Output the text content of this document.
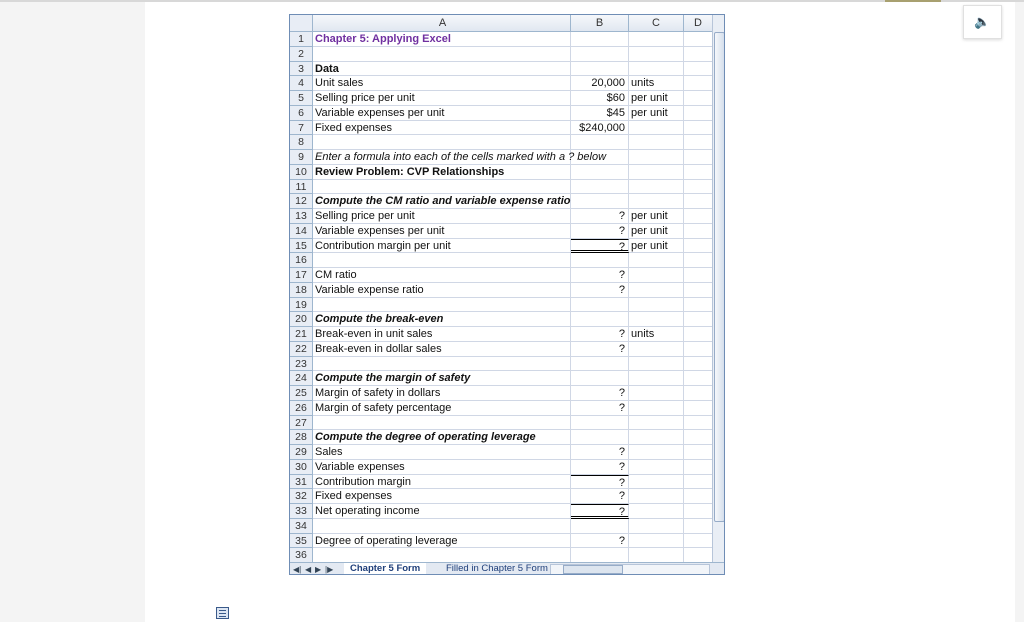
🔈
A	B	C	D
1	Chapter 5: Applying Excel
2
3	Data
4	Unit sales	20,000 units
5	Selling price per unit	$60 per unit
6	Variable expenses per unit	$45 per unit
7	Fixed expenses	$240,000
8
9	Enter a formula into each of the cells marked with a ? below
10 Review Problem: CVP Relationships
11
12 Compute the CM ratio and variable expense ratio
13 Selling price per unit	? per unit
14 Variable expenses per unit	? per unit
15 Contribution margin per unit	? per unit
16
17 CM ratio	?
18 Variable expense ratio	?
19
20 Compute the break-even
21 Break-even in unit sales	? units
22 Break-even in dollar sales	?
23
24 Compute the margin of safety
25 Margin of safety in dollars	?
26 Margin of safety percentage	?
27
28 Compute the degree of operating leverage
29 Sales	?
30 Variable expenses	?
31 Contribution margin	?
32 Fixed expenses	?
33 Net operating income	?
34
35 Degree of operating leverage	?
36
◀| ◀ ▶ |▶	Chapter 5 Form	Filled in Chapter 5 Form
